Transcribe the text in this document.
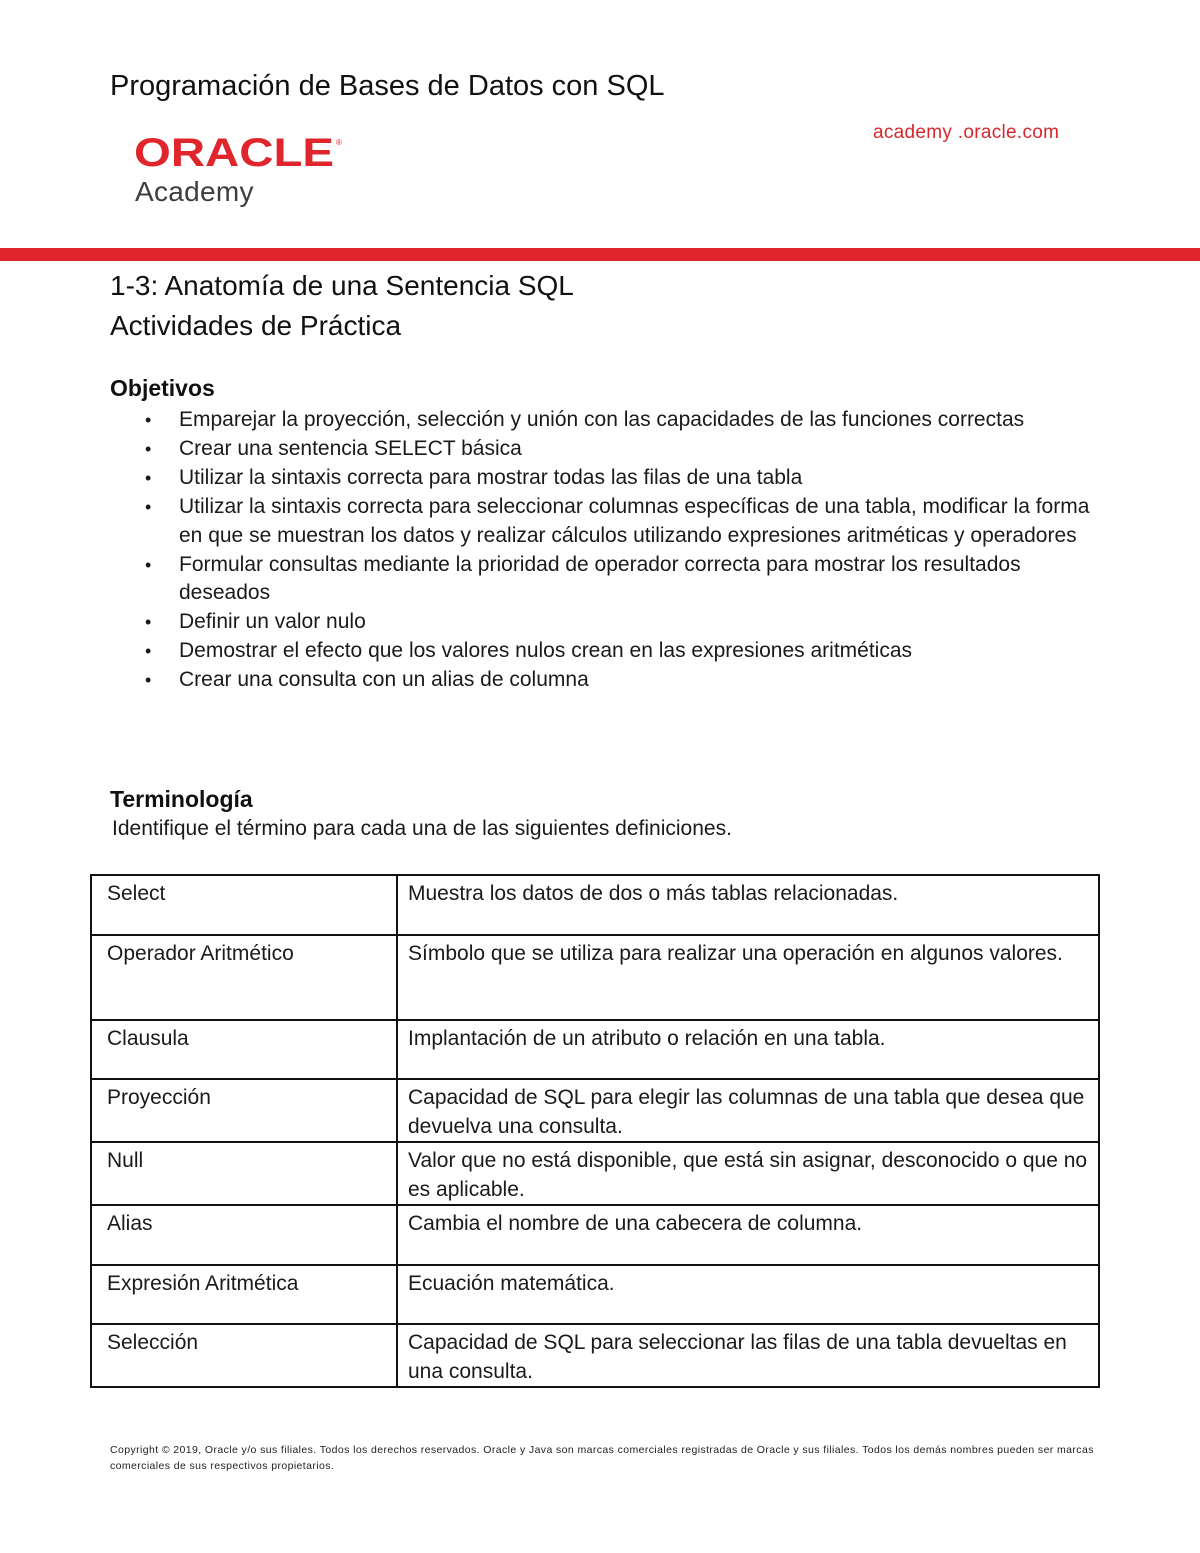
Programación de Bases de Datos con SQL
ORACLE ®
Academy
academy .oracle.com
1-3: Anatomía de una Sentencia SQL
Actividades de Práctica
Objetivos
• Emparejar la proyección, selección y unión con las capacidades de las funciones correctas
• Crear una sentencia SELECT básica
• Utilizar la sintaxis correcta para mostrar todas las filas de una tabla
• Utilizar la sintaxis correcta para seleccionar columnas específicas de una tabla, modificar la forma en que se muestran los datos y realizar cálculos utilizando expresiones aritméticas y operadores
• Formular consultas mediante la prioridad de operador correcta para mostrar los resultados deseados
• Definir un valor nulo
• Demostrar el efecto que los valores nulos crean en las expresiones aritméticas
• Crear una consulta con un alias de columna
Terminología
Identifique el término para cada una de las siguientes definiciones.
Select	Muestra los datos de dos o más tablas relacionadas.
Operador Aritmético	Símbolo que se utiliza para realizar una operación en algunos valores.
Clausula	Implantación de un atributo o relación en una tabla.
Proyección	Capacidad de SQL para elegir las columnas de una tabla que desea que devuelva una consulta.
Null	Valor que no está disponible, que está sin asignar, desconocido o que no es aplicable.
Alias	Cambia el nombre de una cabecera de columna.
Expresión Aritmética	Ecuación matemática.
Selección	Capacidad de SQL para seleccionar las filas de una tabla devueltas en una consulta.
Copyright © 2019, Oracle y/o sus filiales. Todos los derechos reservados. Oracle y Java son marcas comerciales registradas de Oracle y sus filiales. Todos los demás nombres pueden ser marcas comerciales de sus respectivos propietarios.
